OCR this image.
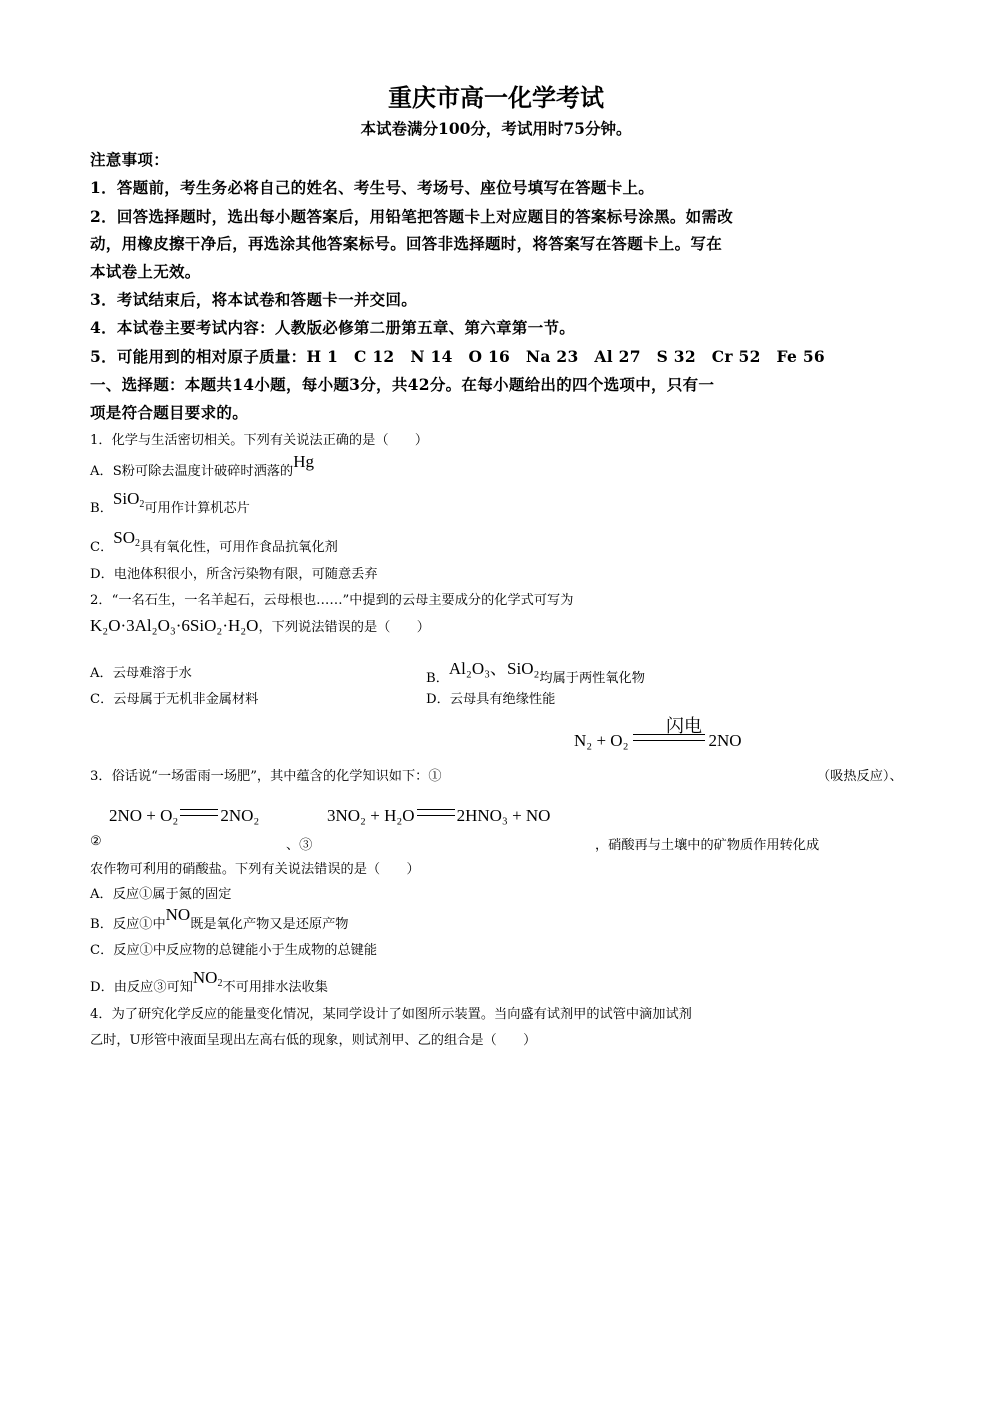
重庆市高一化学考试
本试卷满分100分，考试用时75分钟。
注意事项：
1．答题前，考生务必将自己的姓名、考生号、考场号、座位号填写在答题卡上。
2．回答选择题时，选出每小题答案后，用铅笔把答题卡上对应题目的答案标号涂黑。如需改
动，用橡皮擦干净后，再选涂其他答案标号。回答非选择题时，将答案写在答题卡上。写在
本试卷上无效。
3．考试结束后，将本试卷和答题卡一并交回。
4．本试卷主要考试内容：人教版必修第二册第五章、第六章第一节。
5．可能用到的相对原子质量：H 1　C 12　N 14　O 16　Na 23　Al 27　S 32　Cr 52　Fe 56
一、选择题：本题共14小题，每小题3分，共42分。在每小题给出的四个选项中，只有一
项是符合题目要求的。
1．化学与生活密切相关。下列有关说法正确的是（　　）
A．S粉可除去温度计破碎时洒落的Hg
B．SiO$_2$可用作计算机芯片
C．$SO_2$具有氧化性，可用作食品抗氧化剂
D．电池体积很小，所含污染物有限，可随意丢弃
2．“一名石生，一名羊起石，云母根也……”中提到的云母主要成分的化学式可写为
K₂O·3Al₂O₃·6SiO₂·H₂O，下列说法错误的是（　　）
A．云母难溶于水	B．Al₂O₃、SiO₂均属于两性氧化物
C．云母属于无机非金属材料	D．云母具有绝缘性能
闪电
N₂ + O₂	2NO
3．俗话说“一场雷雨一场肥”，其中蕴含的化学知识如下：①	（吸热反应）、
2NO + O₂ 2NO₂	3NO₂ + H₂O 2HNO₃ + NO
②	、③	，硝酸再与土壤中的矿物质作用转化成
农作物可利用的硝酸盐。下列有关说法错误的是（　　）
A．反应①属于氮的固定
B．反应①中NO既是氧化产物又是还原产物
C．反应①中反应物的总键能小于生成物的总键能
D．由反应③可知$NO_2$不可用排水法收集
4．为了研究化学反应的能量变化情况，某同学设计了如图所示装置。当向盛有试剂甲的试管中滴加试剂
乙时，U形管中液面呈现出左高右低的现象，则试剂甲、乙的组合是（　　）
